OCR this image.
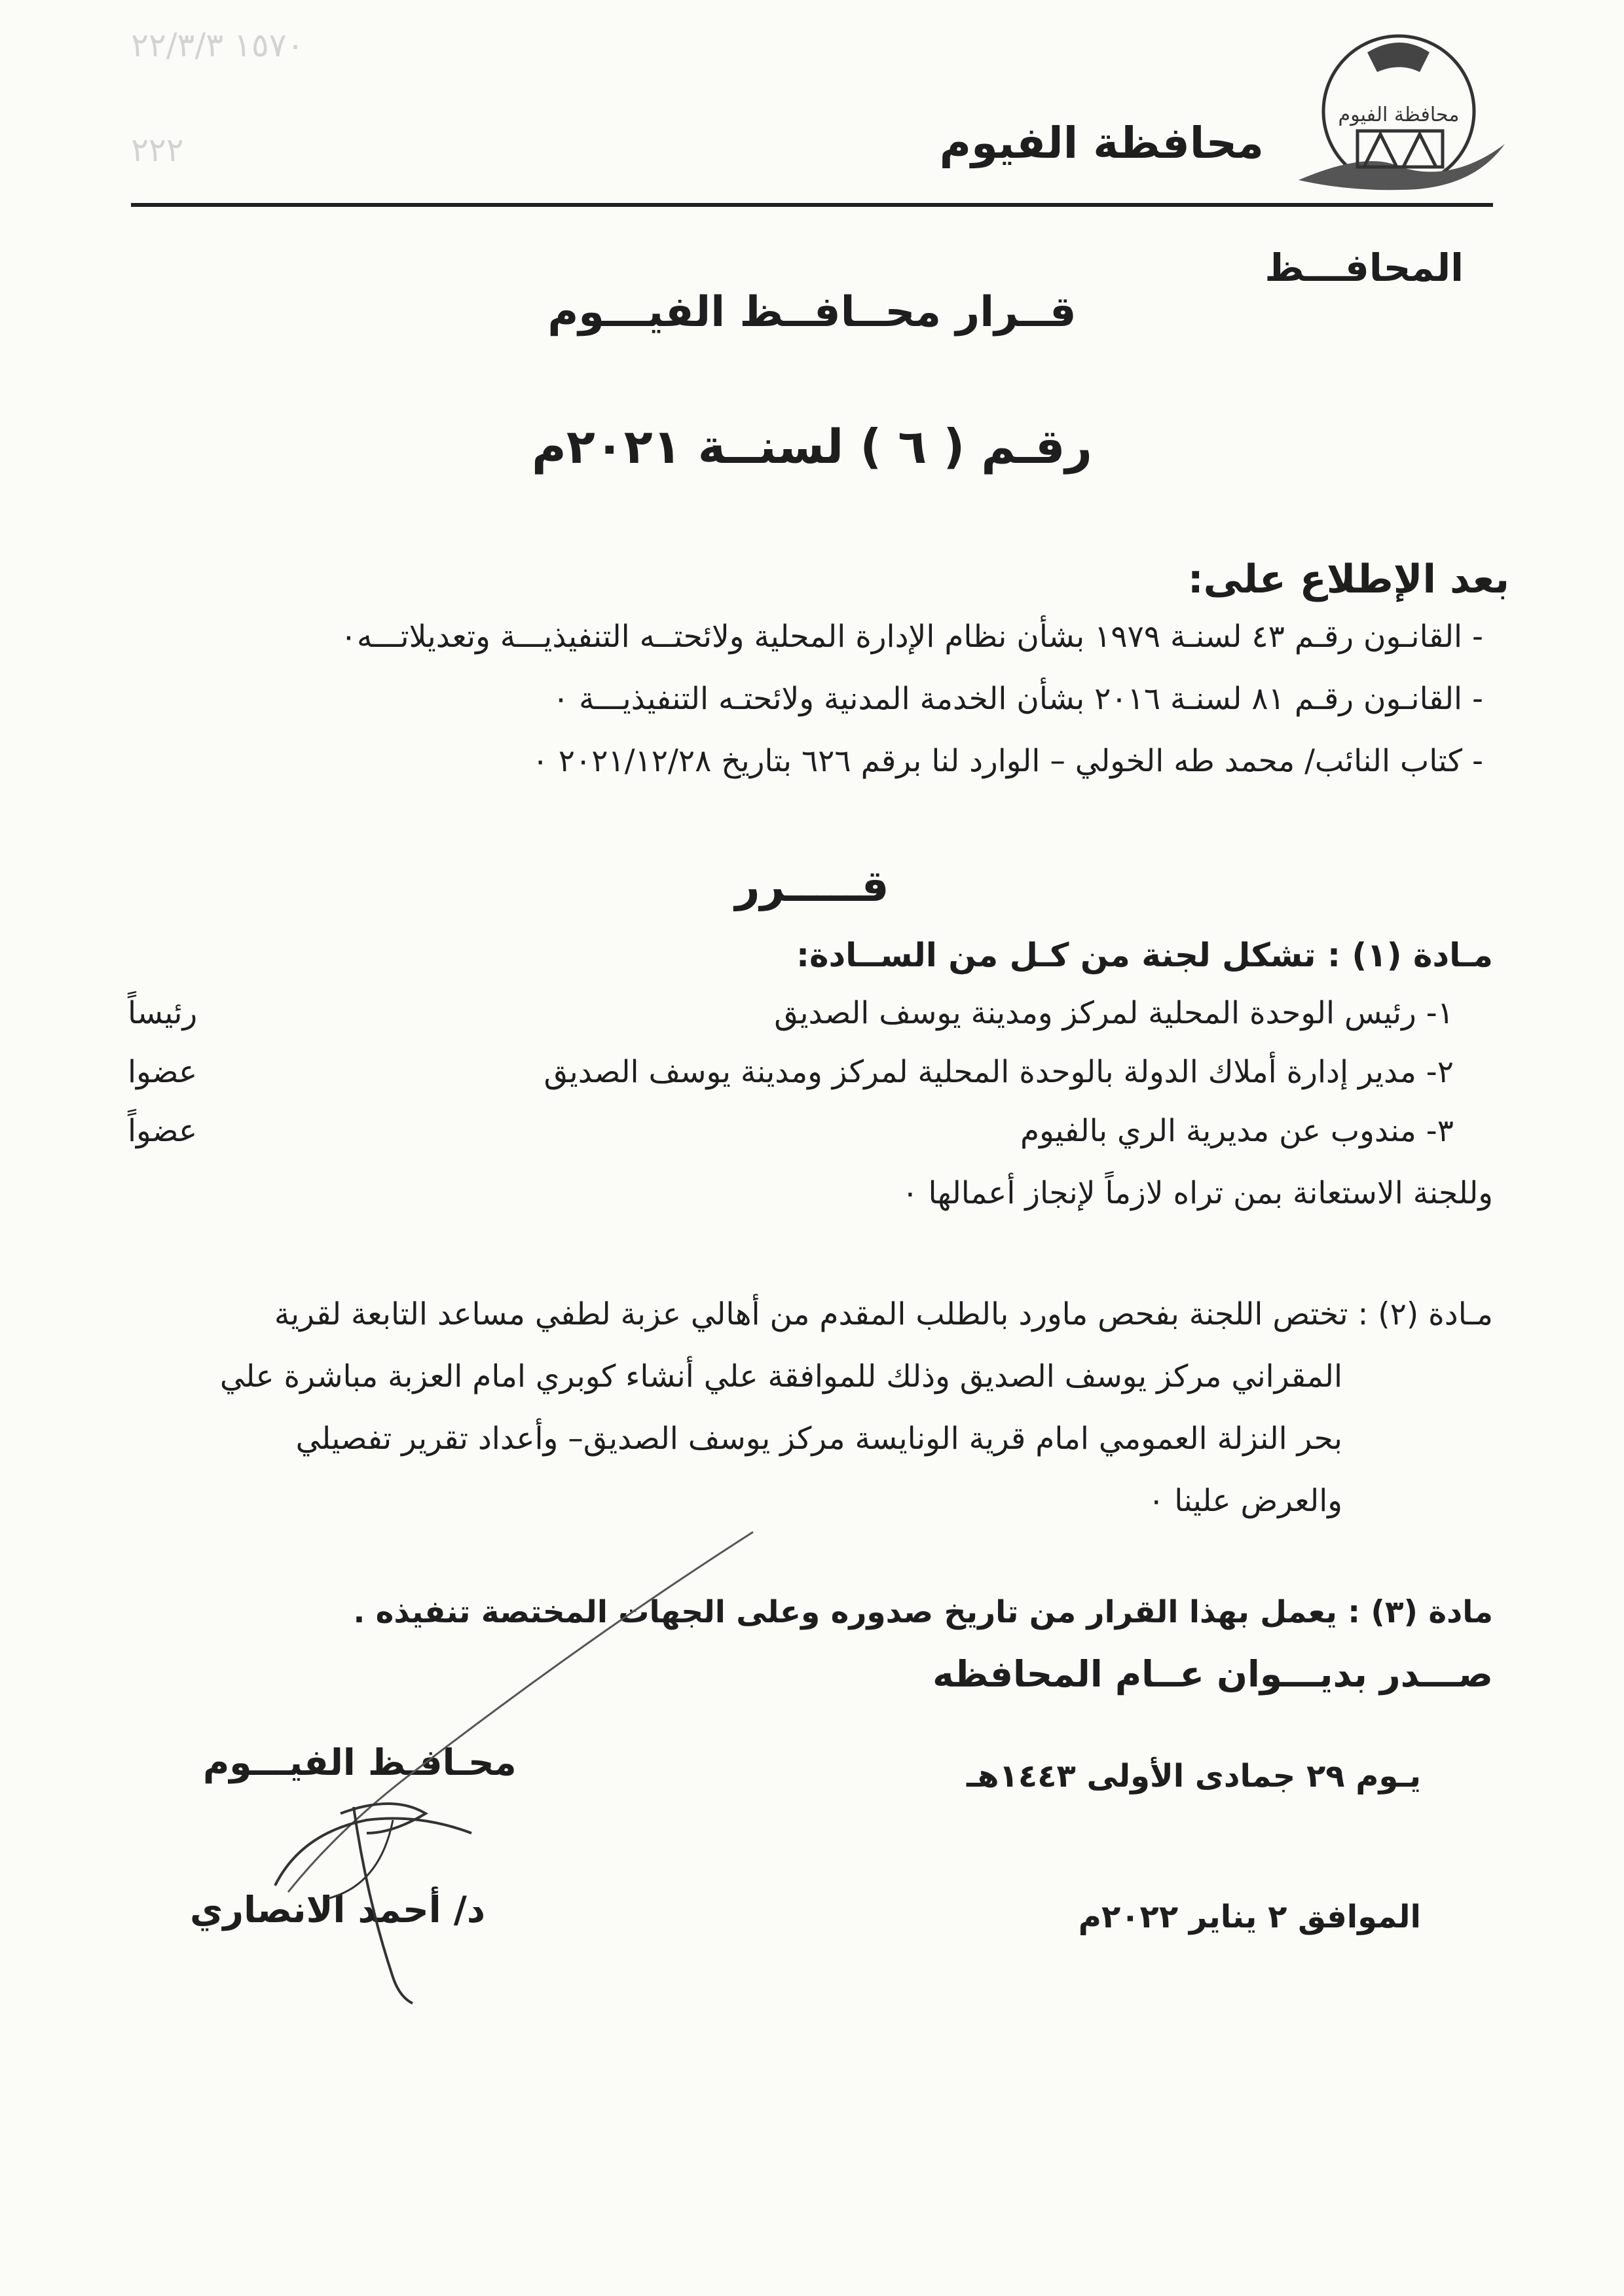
١٥٧٠ ٢٢/٣/٣
٢٢٢
محافظة الفيوم
محافظة الفيوم
المحافـــظ
قــرار محــافــظ الفيـــوم
رقـم ( ٦ ) لسنــة ٢٠٢١م
بعد الإطلاع على:
- القانـون رقـم ٤٣ لسنـة ١٩٧٩ بشأن نظام الإدارة المحلية ولائحتــه التنفيذيـــة وتعديلاتـــه٠
- القانـون رقـم ٨١ لسنـة ٢٠١٦ بشأن الخدمة المدنية ولائحتـه التنفيذيـــة ٠
- كتاب النائب/ محمد طه الخولي – الوارد لنا برقم ٦٢٦ بتاريخ ٢٠٢١/١٢/٢٨ ٠
قـــــرر
مـادة (١) : تشكل لجنة من كـل من الســادة:
١- رئيس الوحدة المحلية لمركز ومدينة يوسف الصديق
رئيساً
٢- مدير إدارة أملاك الدولة بالوحدة المحلية لمركز ومدينة يوسف الصديق
عضوا
٣- مندوب عن مديرية الري بالفيوم
عضواً
وللجنة الاستعانة بمن تراه لازماً لإنجاز أعمالها ٠
مـادة (٢) : تختص اللجنة بفحص ماورد بالطلب المقدم من أهالي عزبة لطفي مساعد التابعة لقرية
المقراني مركز يوسف الصديق وذلك للموافقة علي أنشاء كوبري امام العزبة مباشرة علي
بحر النزلة العمومي امام قرية الونايسة مركز يوسف الصديق– وأعداد تقرير تفصيلي
والعرض علينا ٠
مادة (٣) : يعمل بهذا القرار من تاريخ صدوره وعلى الجهات المختصة تنفيذه .
صـــدر بديـــوان عــام المحافظه
يـوم ٢٩ جمادى الأولى ١٤٤٣هـ
الموافق ٢ يناير ٢٠٢٢م
محـافـظ الفيـــوم
د/ أحمد الانصاري
